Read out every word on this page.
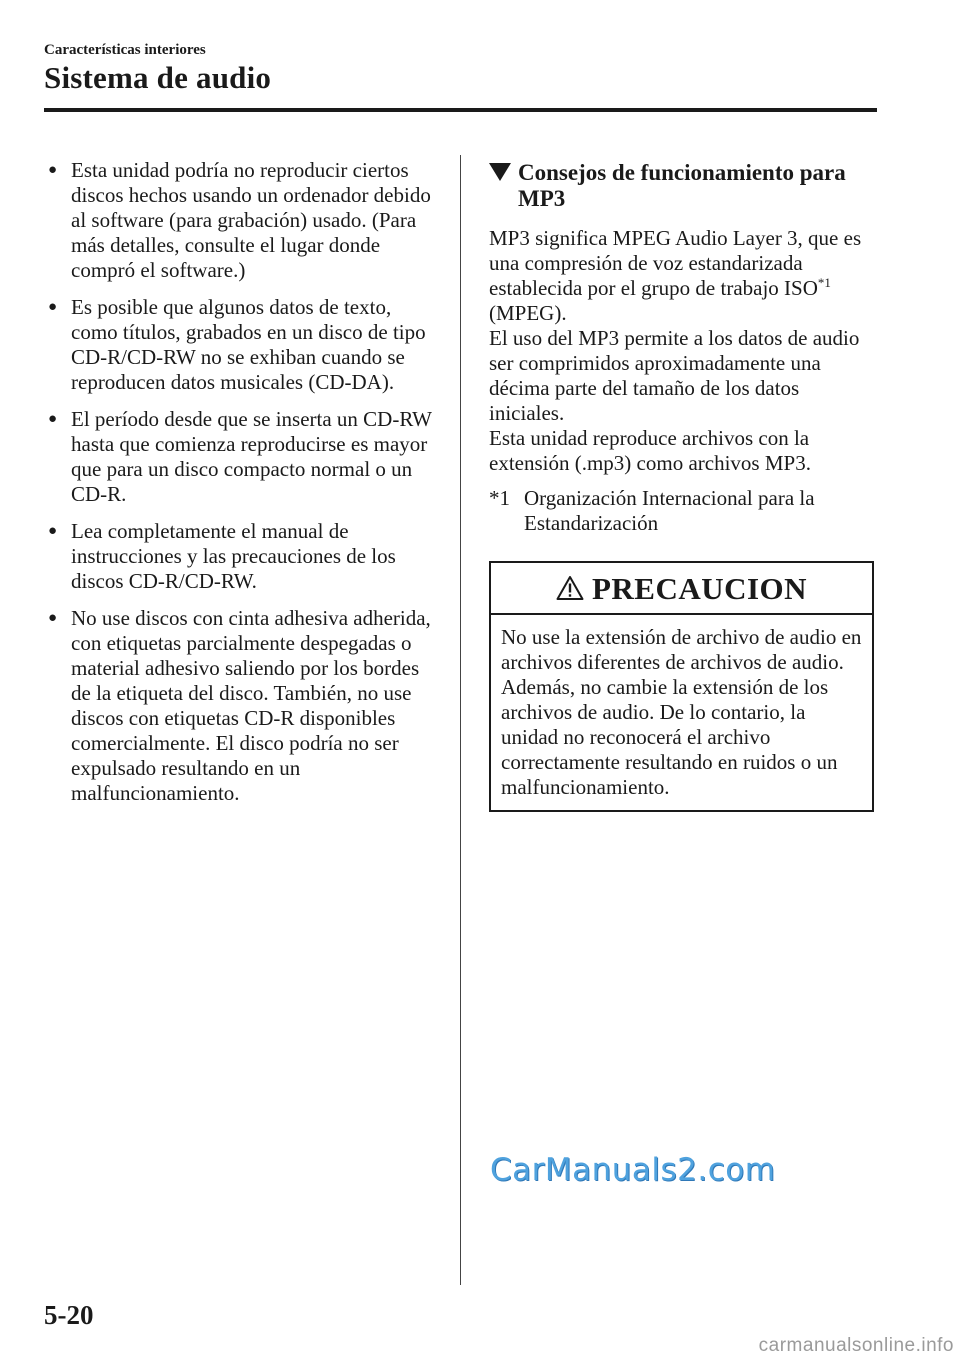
Características interiores
Sistema de audio
● Esta unidad podría no reproducir ciertos discos hechos usando un ordenador debido al software (para grabación) usado. (Para más detalles, consulte el lugar donde compró el software.)
● Es posible que algunos datos de texto, como títulos, grabados en un disco de tipo CD-R/CD-RW no se exhiban cuando se reproducen datos musicales (CD-DA).
● El período desde que se inserta un CD-RW hasta que comienza reproducirse es mayor que para un disco compacto normal o un CD-R.
● Lea completamente el manual de instrucciones y las precauciones de los discos CD-R/CD-RW.
● No use discos con cinta adhesiva adherida, con etiquetas parcialmente despegadas o material adhesivo saliendo por los bordes de la etiqueta del disco. También, no use discos con etiquetas CD-R disponibles comercialmente. El disco podría no ser expulsado resultando en un malfuncionamiento.
Consejos de funcionamiento para MP3

MP3 significa MPEG Audio Layer 3, que es una compresión de voz estandarizada establecida por el grupo de trabajo ISO$^{*1}$
(MPEG).
El uso del MP3 permite a los datos de audio ser comprimidos aproximadamente una décima parte del tamaño de los datos iniciales.
Esta unidad reproduce archivos con la extensión (.mp3) como archivos MP3.

*1 Organización Internacional para la Estandarización

PRECAUCION
No use la extensión de archivo de audio en archivos diferentes de archivos de audio. Además, no cambie la extensión de los archivos de audio. De lo contario, la unidad no reconocerá el archivo correctamente resultando en ruidos o un malfuncionamiento.

5-20

CarManuals2.com
carmanualsonline.info
